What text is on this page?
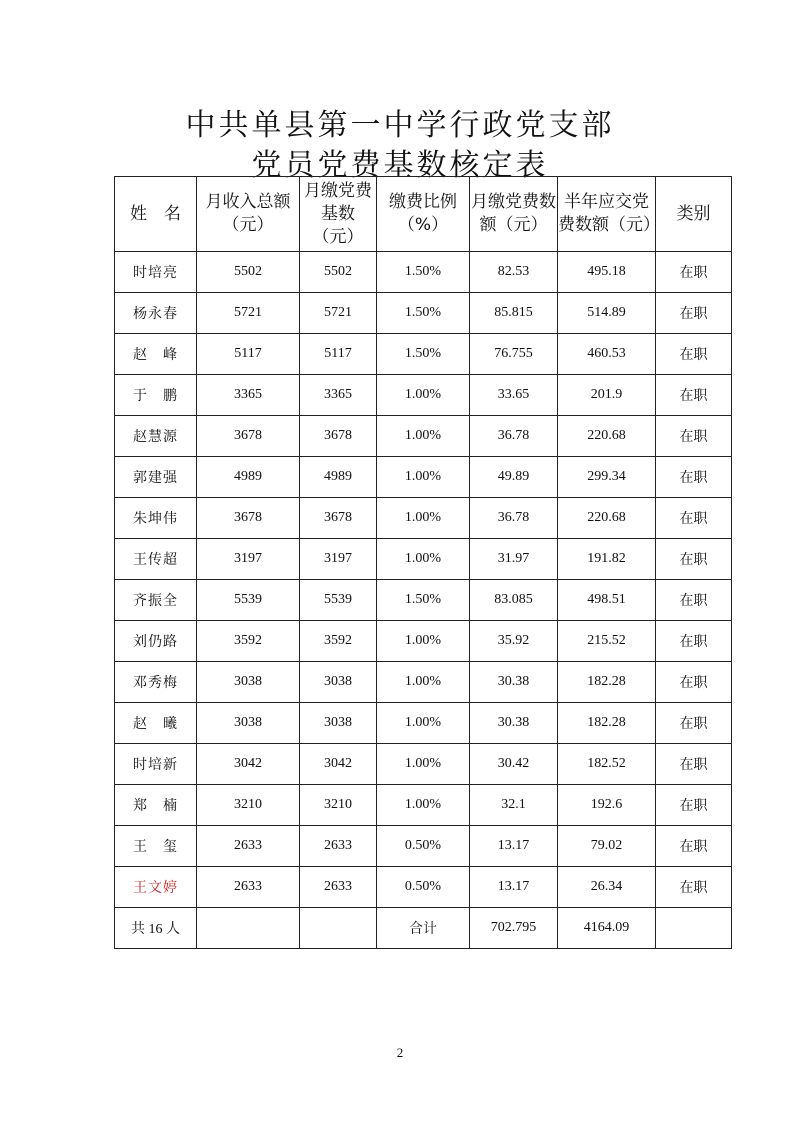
中共单县第一中学行政党支部
党员党费基数核定表
姓　名	月收入总额（元）	月缴党费基数（元）	缴费比例（%）	月缴党费数额（元）	半年应交党费数额（元）	类别
时培亮	5502	5502	1.50%	82.53	495.18	在职
杨永春	5721	5721	1.50%	85.815	514.89	在职
赵　峰	5117	5117	1.50%	76.755	460.53	在职
于　鹏	3365	3365	1.00%	33.65	201.9	在职
赵慧源	3678	3678	1.00%	36.78	220.68	在职
郭建强	4989	4989	1.00%	49.89	299.34	在职
朱坤伟	3678	3678	1.00%	36.78	220.68	在职
王传超	3197	3197	1.00%	31.97	191.82	在职
齐振全	5539	5539	1.50%	83.085	498.51	在职
刘仍路	3592	3592	1.00%	35.92	215.52	在职
邓秀梅	3038	3038	1.00%	30.38	182.28	在职
赵　曦	3038	3038	1.00%	30.38	182.28	在职
时培新	3042	3042	1.00%	30.42	182.52	在职
郑　楠	3210	3210	1.00%	32.1	192.6	在职
王　玺	2633	2633	0.50%	13.17	79.02	在职
王文婷	2633	2633	0.50%	13.17	26.34	在职
共 16 人			合计	702.795	4164.09	
2
